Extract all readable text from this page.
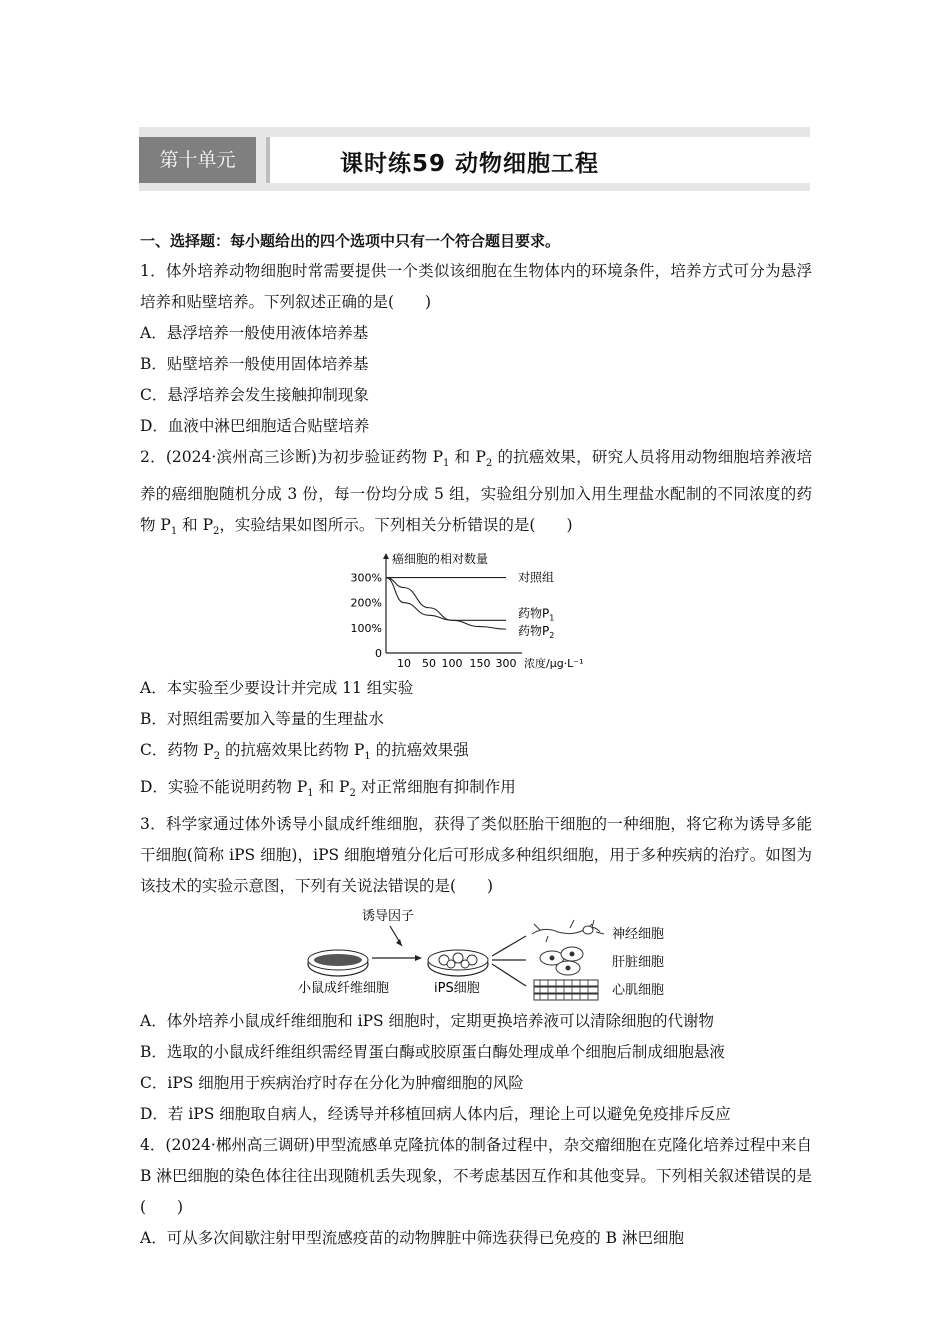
第十单元	课时练59 动物细胞工程
一、选择题：每小题给出的四个选项中只有一个符合题目要求。
1．体外培养动物细胞时常需要提供一个类似该细胞在生物体内的环境条件，培养方式可分为悬浮培养和贴壁培养。下列叙述正确的是(　　)
A．悬浮培养一般使用液体培养基
B．贴壁培养一般使用固体培养基
C．悬浮培养会发生接触抑制现象
D．血液中淋巴细胞适合贴壁培养
2．(2024·滨州高三诊断)为初步验证药物 $P_1$ 和 $P_2$ 的抗癌效果，研究人员将用动物细胞培养液培养的癌细胞随机分成 3 份，每一份均分成 5 组，实验组分别加入用生理盐水配制的不同浓度的药物 $P_1$ 和 $P_2$，实验结果如图所示。下列相关分析错误的是(　　)
癌细胞的相对数量
0
100%
200%
300%
10 50 100 150 300 浓度/μg·L⁻¹
对照组
药物$P_1$
药物$P_2$
A．本实验至少要设计并完成 11 组实验
B．对照组需要加入等量的生理盐水
C．药物 $P_2$ 的抗癌效果比药物 $P_1$ 的抗癌效果强
D．实验不能说明药物 $P_1$ 和 $P_2$ 对正常细胞有抑制作用
3．科学家通过体外诱导小鼠成纤维细胞，获得了类似胚胎干细胞的一种细胞，将它称为诱导多能干细胞(简称 iPS 细胞)，iPS 细胞增殖分化后可形成多种组织细胞，用于多种疾病的治疗。如图为该技术的实验示意图，下列有关说法错误的是(　　)
诱导因子
小鼠成纤维细胞	iPS细胞
神经细胞
肝脏细胞
心肌细胞
A．体外培养小鼠成纤维细胞和 iPS 细胞时，定期更换培养液可以清除细胞的代谢物
B．选取的小鼠成纤维组织需经胃蛋白酶或胶原蛋白酶处理成单个细胞后制成细胞悬液
C．iPS 细胞用于疾病治疗时存在分化为肿瘤细胞的风险
D．若 iPS 细胞取自病人，经诱导并移植回病人体内后，理论上可以避免免疫排斥反应
4．(2024·郴州高三调研)甲型流感单克隆抗体的制备过程中，杂交瘤细胞在克隆化培养过程中来自 B 淋巴细胞的染色体往往出现随机丢失现象，不考虑基因互作和其他变异。下列相关叙述错误的是(　　)
A．可从多次间歇注射甲型流感疫苗的动物脾脏中筛选获得已免疫的 B 淋巴细胞
